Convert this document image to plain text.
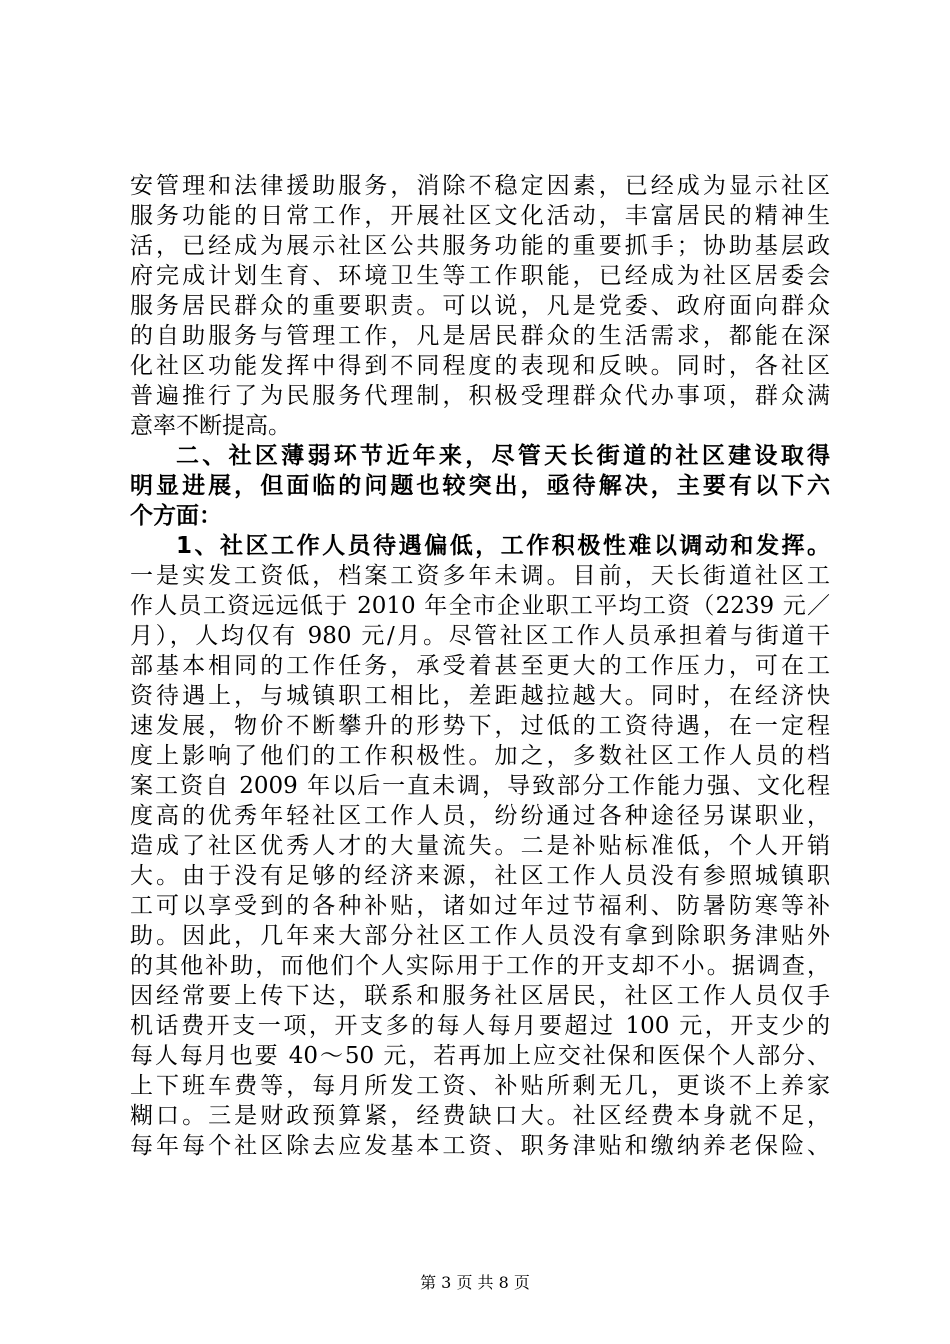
安管理和法律援助服务，消除不稳定因素，已经成为显示社区
服务功能的日常工作，开展社区文化活动，丰富居民的精神生
活，已经成为展示社区公共服务功能的重要抓手；协助基层政
府完成计划生育、环境卫生等工作职能，已经成为社区居委会
服务居民群众的重要职责。可以说，凡是党委、政府面向群众
的自助服务与管理工作，凡是居民群众的生活需求，都能在深
化社区功能发挥中得到不同程度的表现和反映。同时，各社区
普遍推行了为民服务代理制，积极受理群众代办事项，群众满
意率不断提高。
二、社区薄弱环节近年来，尽管天长街道的社区建设取得
明显进展，但面临的问题也较突出，亟待解决，主要有以下六
个方面：
1、社区工作人员待遇偏低，工作积极性难以调动和发挥。
一是实发工资低，档案工资多年未调。目前，天长街道社区工
作人员工资远远低于 2010 年全市企业职工平均工资（2239 元／
月），人均仅有 980 元/月。尽管社区工作人员承担着与街道干
部基本相同的工作任务，承受着甚至更大的工作压力，可在工
资待遇上，与城镇职工相比，差距越拉越大。同时，在经济快
速发展，物价不断攀升的形势下，过低的工资待遇，在一定程
度上影响了他们的工作积极性。加之，多数社区工作人员的档
案工资自 2009 年以后一直未调，导致部分工作能力强、文化程
度高的优秀年轻社区工作人员，纷纷通过各种途径另谋职业，
造成了社区优秀人才的大量流失。二是补贴标准低，个人开销
大。由于没有足够的经济来源，社区工作人员没有参照城镇职
工可以享受到的各种补贴，诸如过年过节福利、防暑防寒等补
助。因此，几年来大部分社区工作人员没有拿到除职务津贴外
的其他补助，而他们个人实际用于工作的开支却不小。据调查，
因经常要上传下达，联系和服务社区居民，社区工作人员仅手
机话费开支一项，开支多的每人每月要超过 100 元，开支少的
每人每月也要 40～50 元，若再加上应交社保和医保个人部分、
上下班车费等，每月所发工资、补贴所剩无几，更谈不上养家
糊口。三是财政预算紧，经费缺口大。社区经费本身就不足，
每年每个社区除去应发基本工资、职务津贴和缴纳养老保险、
第 3 页 共 8 页
